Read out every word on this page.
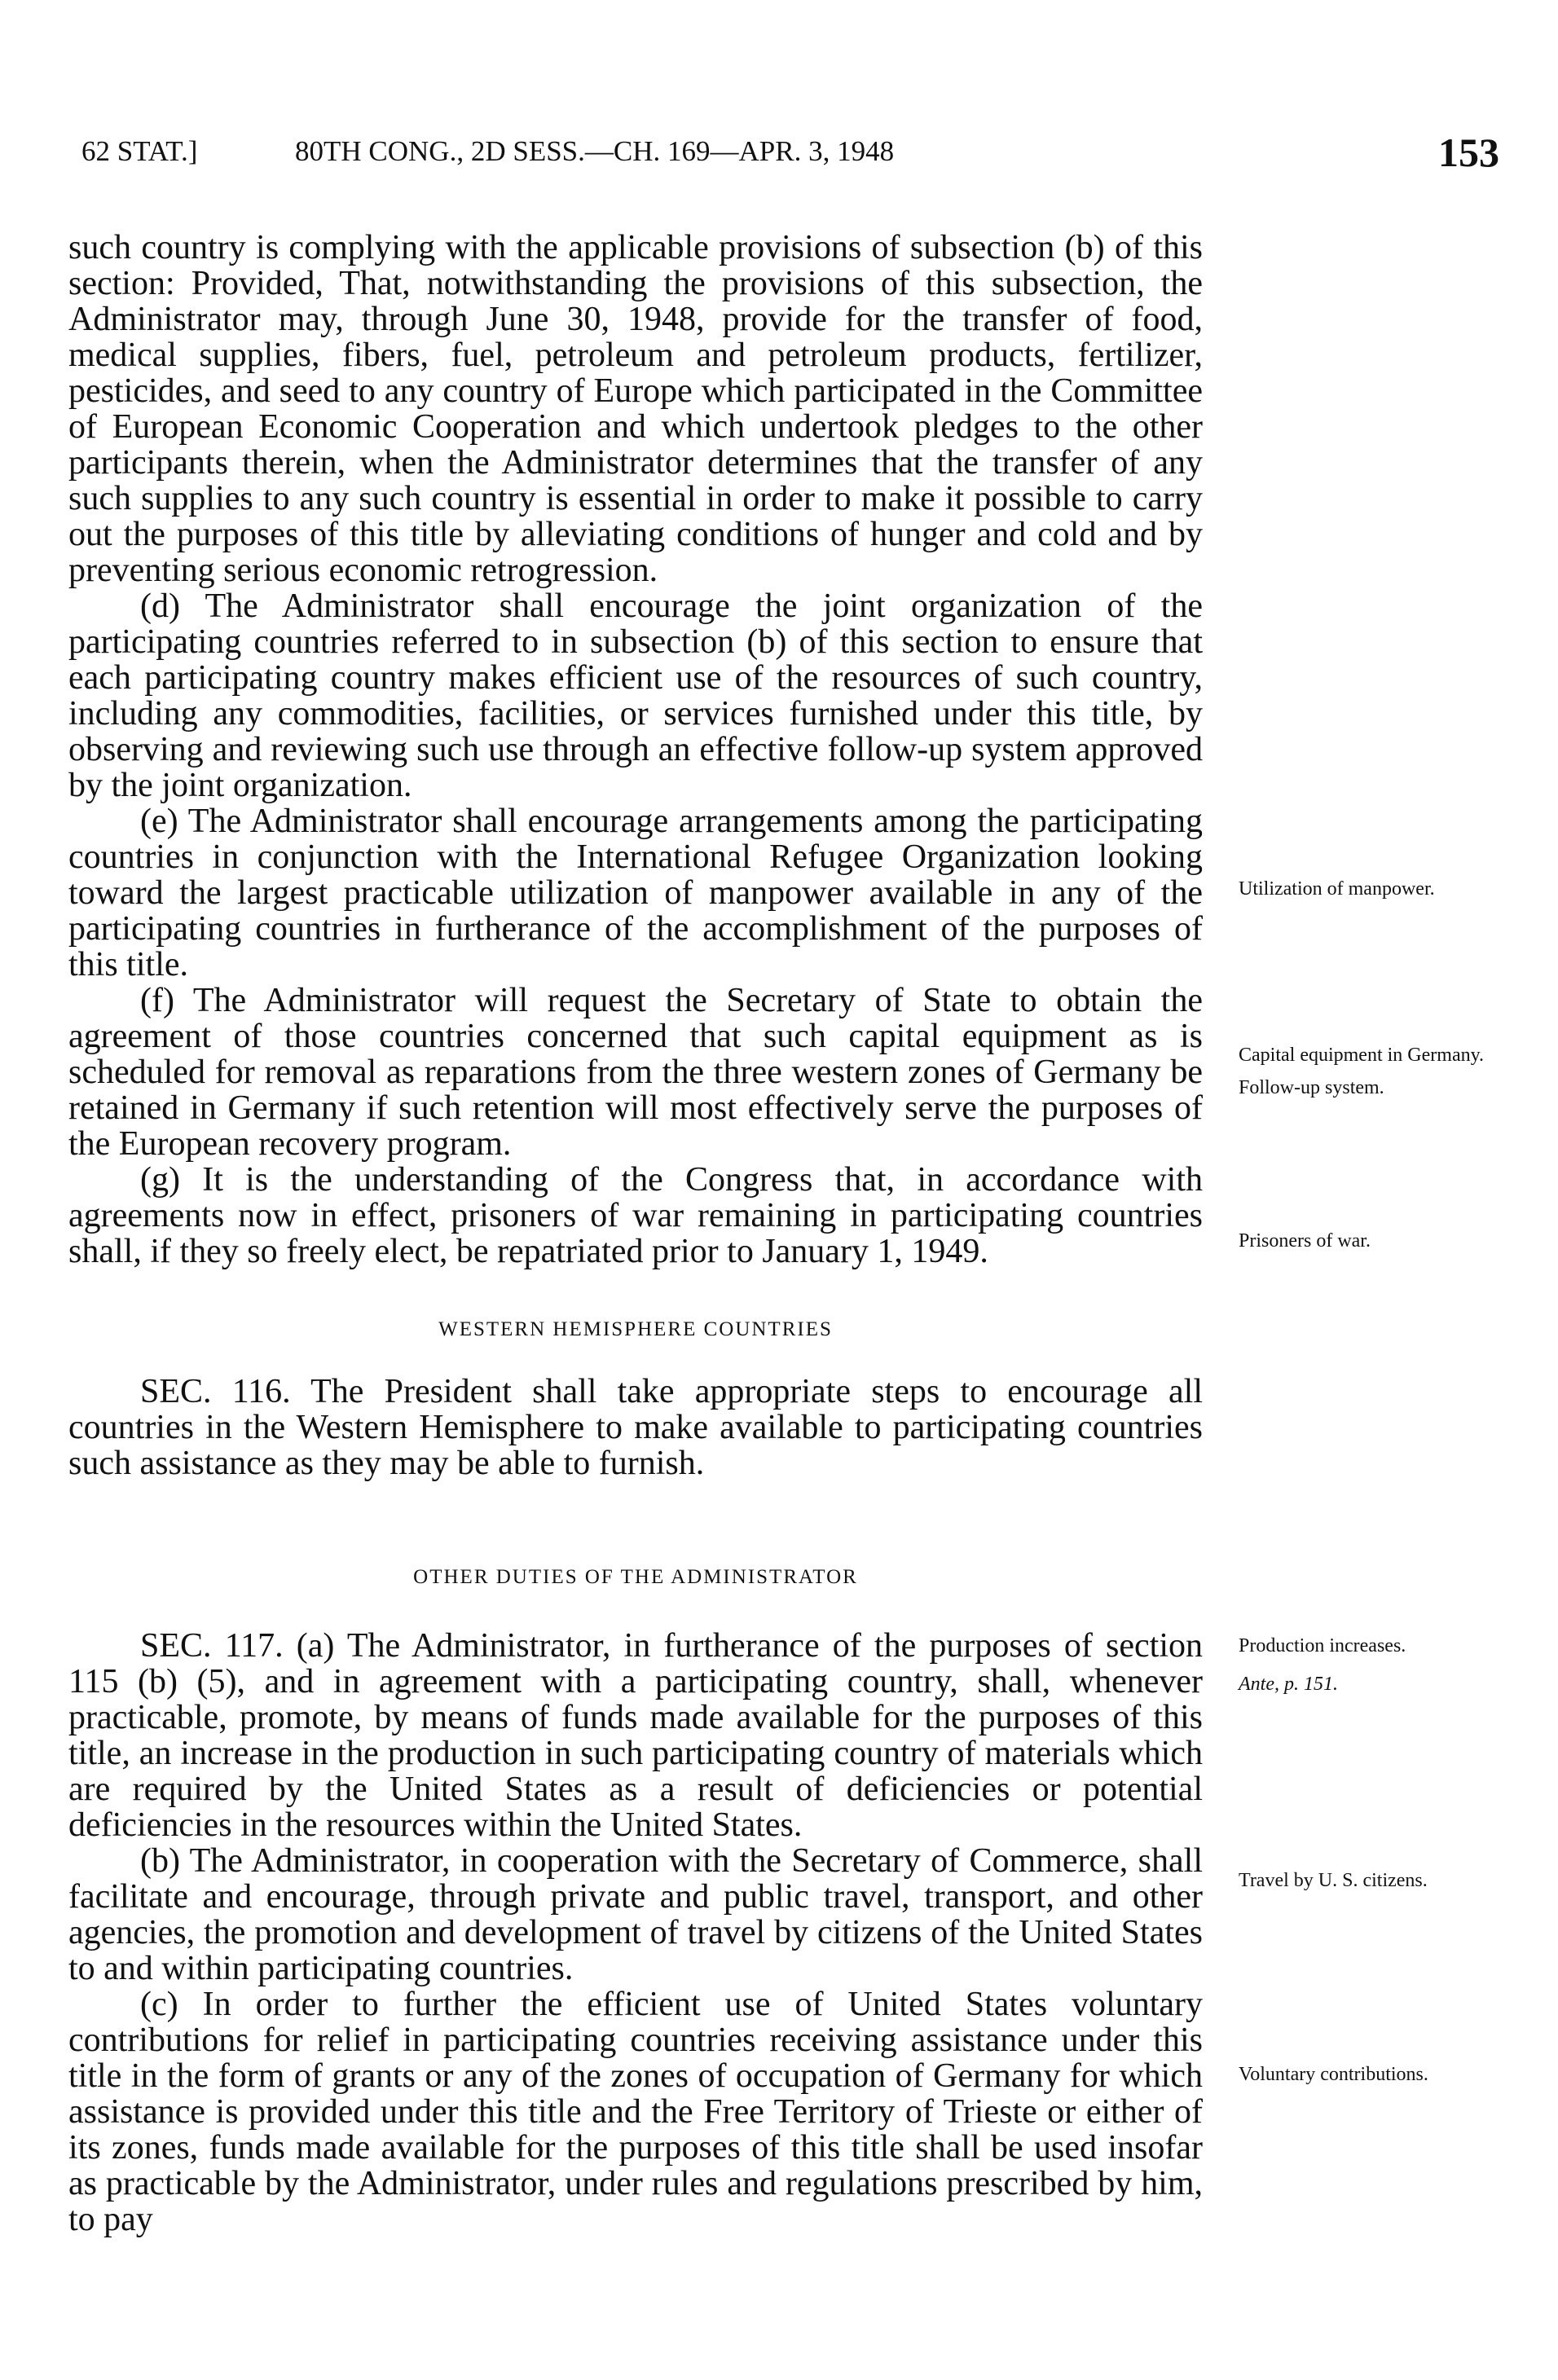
62 STAT.]	80TH CONG., 2D SESS.—CH. 169—APR. 3, 1948	153

such country is complying with the applicable provisions of subsection (b) of this section: Provided, That, notwithstanding the provisions of this subsection, the Administrator may, through June 30, 1948, provide for the transfer of food, medical supplies, fibers, fuel, petroleum and petroleum products, fertilizer, pesticides, and seed to any country of Europe which participated in the Committee of European Economic Cooperation and which undertook pledges to the other participants therein, when the Administrator determines that the transfer of any such supplies to any such country is essential in order to make it possible to carry out the purposes of this title by alleviating conditions of hunger and cold and by preventing serious economic retrogression.

(d) The Administrator shall encourage the joint organization of the participating countries referred to in subsection (b) of this section to ensure that each participating country makes efficient use of the resources of such country, including any commodities, facilities, or services furnished under this title, by observing and reviewing such use through an effective follow-up system approved by the joint organization.

(e) The Administrator shall encourage arrangements among the participating countries in conjunction with the International Refugee Organization looking toward the largest practicable utilization of manpower available in any of the participating countries in furtherance of the accomplishment of the purposes of this title.

(f) The Administrator will request the Secretary of State to obtain the agreement of those countries concerned that such capital equipment as is scheduled for removal as reparations from the three western zones of Germany be retained in Germany if such retention will most effectively serve the purposes of the European recovery program.

(g) It is the understanding of the Congress that, in accordance with agreements now in effect, prisoners of war remaining in participating countries shall, if they so freely elect, be repatriated prior to January 1, 1949.

WESTERN HEMISPHERE COUNTRIES

SEC. 116. The President shall take appropriate steps to encourage all countries in the Western Hemisphere to make available to participating countries such assistance as they may be able to furnish.

OTHER DUTIES OF THE ADMINISTRATOR

SEC. 117. (a) The Administrator, in furtherance of the purposes of section 115 (b) (5), and in agreement with a participating country, shall, whenever practicable, promote, by means of funds made available for the purposes of this title, an increase in the production in such participating country of materials which are required by the United States as a result of deficiencies or potential deficiencies in the resources within the United States.

(b) The Administrator, in cooperation with the Secretary of Commerce, shall facilitate and encourage, through private and public travel, transport, and other agencies, the promotion and development of travel by citizens of the United States to and within participating countries.

(c) In order to further the efficient use of United States voluntary contributions for relief in participating countries receiving assistance under this title in the form of grants or any of the zones of occupation of Germany for which assistance is provided under this title and the Free Territory of Trieste or either of its zones, funds made available for the purposes of this title shall be used insofar as practicable by the Administrator, under rules and regulations prescribed by him, to pay

Follow-up system.
Utilization of manpower.
Capital equipment in Germany.
Prisoners of war.
Production increases.
Ante, p. 151.
Travel by U. S. citizens.
Voluntary contributions.
